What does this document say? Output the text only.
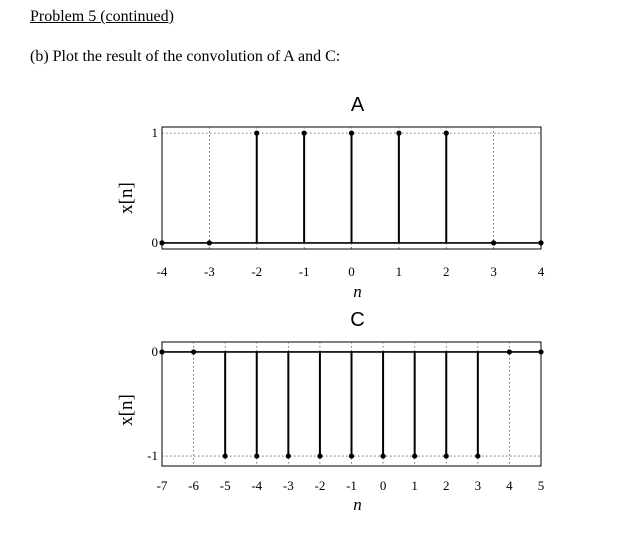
Problem 5 (continued)
(b) Plot the result of the convolution of A and C:
A
-4	-3	-2	-1	0	1	2	3	4
0
1
n
x[n]
C
-7 -6 -5 -4 -3 -2 -1 0 1 2 3 4 5
-1
0
n
x[n]
